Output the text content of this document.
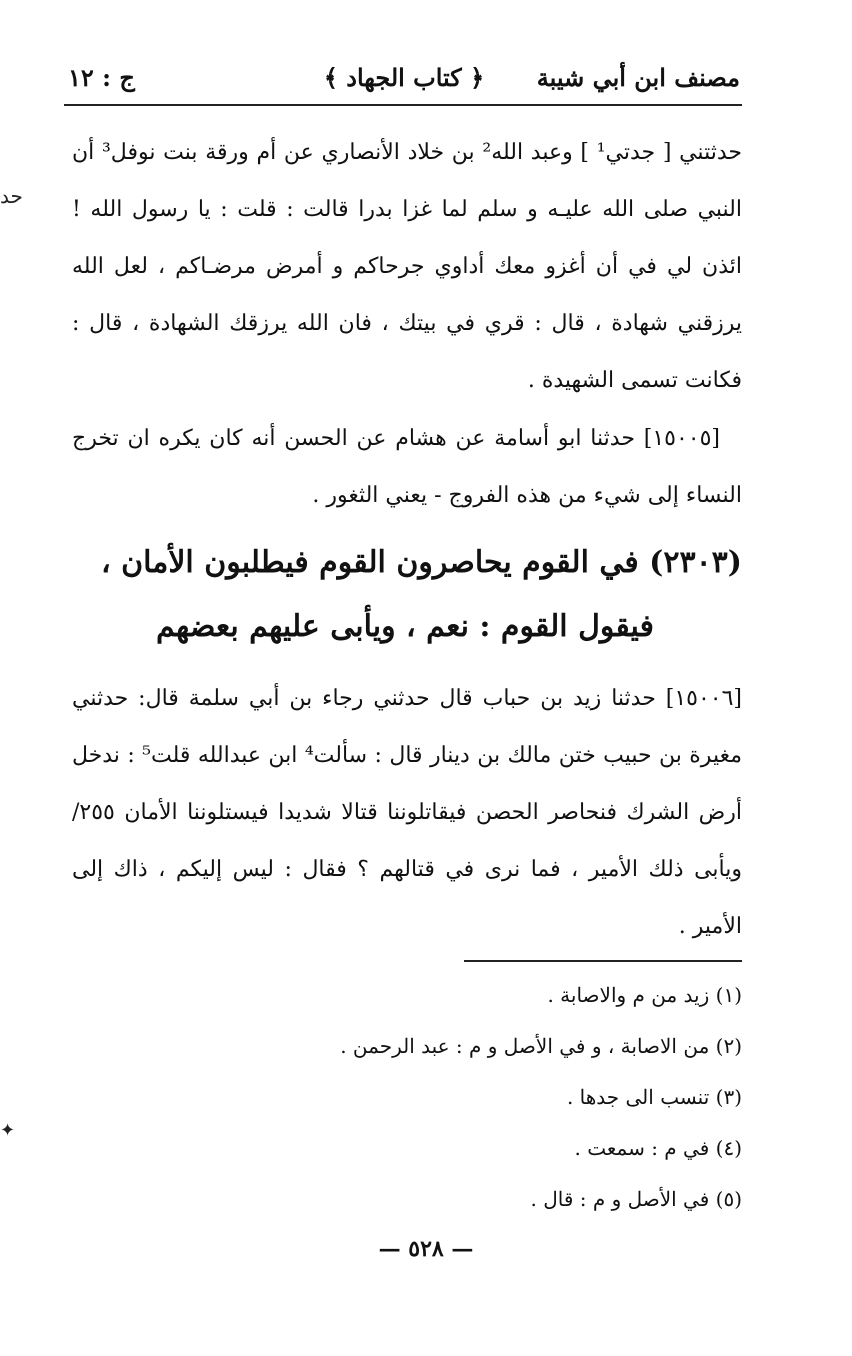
مصنف ابن أبي شيبة
﴿ كتاب الجهاد ﴾
ج : ١٢
حد
حدثتني [ جدتي¹ ] وعبد الله² بن خلاد الأنصاري عن أم ورقة بنت نوفل³ أن النبي صلى الله عليـه و سلم لما غزا بدرا قالت : قلت : يا رسول الله ! ائذن لي في أن أغزو معك أداوي جرحاكم و أمرض مرضـاكم ، لعل الله يرزقني شهادة ، قال : قري في بيتك ، فان الله يرزقك الشهادة ، قال : فكانت تسمى الشهيدة .
[١٥٠٠٥] حدثنا ابو أسامة عن هشام عن الحسن أنه كان يكره ان تخرج النساء إلى شيء من هذه الفروج - يعني الثغور .
(٢٣٠٣) في القوم يحاصرون القوم فيطلبون الأمان ،
فيقول القوم : نعم ، ويأبى عليهم بعضهم
[١٥٠٠٦] حدثنا زيد بن حباب قال حدثني رجاء بن أبي سلمة قال: حدثني مغيرة بن حبيب ختن مالك بن دينار قال : سألت⁴ ابن عبدالله قلت⁵ : ندخل أرض الشرك فنحاصر الحصن فيقاتلوننا قتالا شديدا فيستلوننا الأمان ٢٥٥/ ويأبى ذلك الأمير ، فما نرى في قتالهم ؟ فقال : ليس إليكم ، ذاك إلى الأمير .
(١) زيد من م والاصابة .
(٢) من الاصابة ، و في الأصل و م : عبد الرحمن .
(٣) تنسب الى جدها .
(٤) في م : سمعت .
(٥) في الأصل و م : قال .
✦
— ٥٢٨ —
